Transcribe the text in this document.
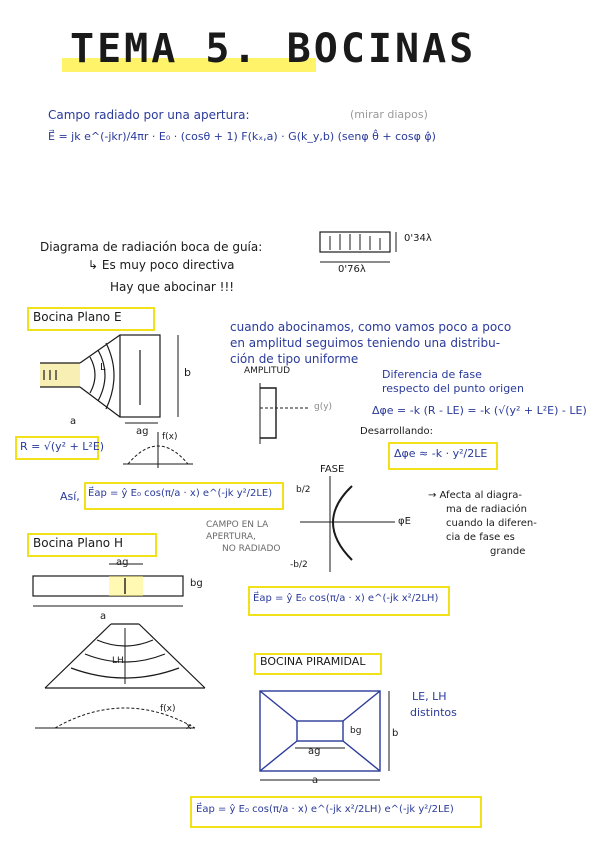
TEMA 5. BOCINAS
Campo radiado por una apertura:	(mirar diapos)
E⃗ = jk e^(-jkr)/4πr · E₀ · (cosθ + 1) F(kₓ,a) · G(k_y,b) (senφ θ̂ + cosφ φ̂)
Diagrama de radiación boca de guía:
↳ Es muy poco directiva
Hay que abocinar !!!
0'34λ
0'76λ
Bocina Plano E
b
a
ag
L
R = √(y² + L²E)
f(x)
cuando abocinamos, como vamos poco a poco
en amplitud seguimos teniendo una distribu-
ción de tipo uniforme
AMPLITUD
g(y)
Diferencia de fase
respecto del punto origen
Δφe = -k (R - LE) = -k (√(y² + L²E) - LE)
Desarrollando:
Δφe ≈ -k · y²/2LE
Así, E⃗ap = ŷ E₀ cos(π/a · x) e^(-jk y²/2LE)
FASE
b/2
-b/2
φE
→ Afecta al diagra-
ma de radiación
cuando la diferen-
cia de fase es
grande
CAMPO EN LA
APERTURA,
NO RADIADO
Bocina Plano H
ag
bg
a
LH
f(x)
x
E⃗ap = ŷ E₀ cos(π/a · x) e^(-jk x²/2LH)
BOCINA PIRAMIDAL
LE, LH
distintos
ag
bg
a
b
E⃗ap = ŷ E₀ cos(π/a · x) e^(-jk x²/2LH) e^(-jk y²/2LE)
